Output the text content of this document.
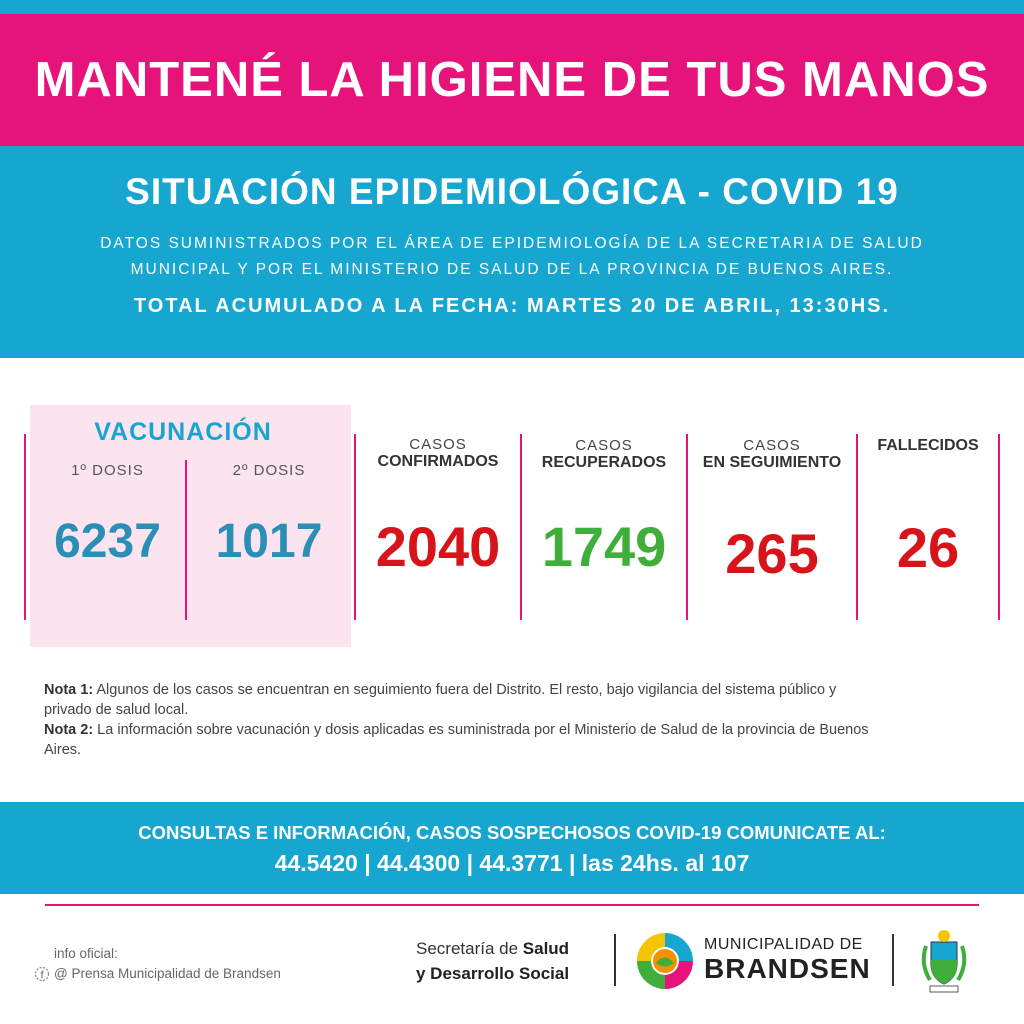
MANTENÉ LA HIGIENE DE TUS MANOS
SITUACIÓN EPIDEMIOLÓGICA - COVID 19
DATOS SUMINISTRADOS POR EL ÁREA DE EPIDEMIOLOGÍA DE LA SECRETARIA DE SALUD
MUNICIPAL Y POR EL MINISTERIO DE SALUD DE LA PROVINCIA DE BUENOS AIRES.
TOTAL ACUMULADO A LA FECHA: MARTES 20 DE ABRIL, 13:30HS.
VACUNACIÓN
1º DOSIS	2º DOSIS
6237	1017
CASOS
CONFIRMADOS
2040
CASOS
RECUPERADOS
1749
CASOS
EN SEGUIMIENTO
265
FALLECIDOS
26
Nota 1: Algunos de los casos se encuentran en seguimiento fuera del Distrito. El resto, bajo vigilancia del sistema público y privado de salud local.
Nota 2: La información sobre vacunación y dosis aplicadas es suministrada por el Ministerio de Salud de la provincia de Buenos Aires.
CONSULTAS E INFORMACIÓN, CASOS SOSPECHOSOS COVID-19 COMUNICATE AL:
44.5420 | 44.4300 | 44.3771 | las 24hs. al 107
info oficial:
f @ Prensa Municipalidad de Brandsen
Secretaría de Salud
y Desarrollo Social
MUNICIPALIDAD DE
BRANDSEN
